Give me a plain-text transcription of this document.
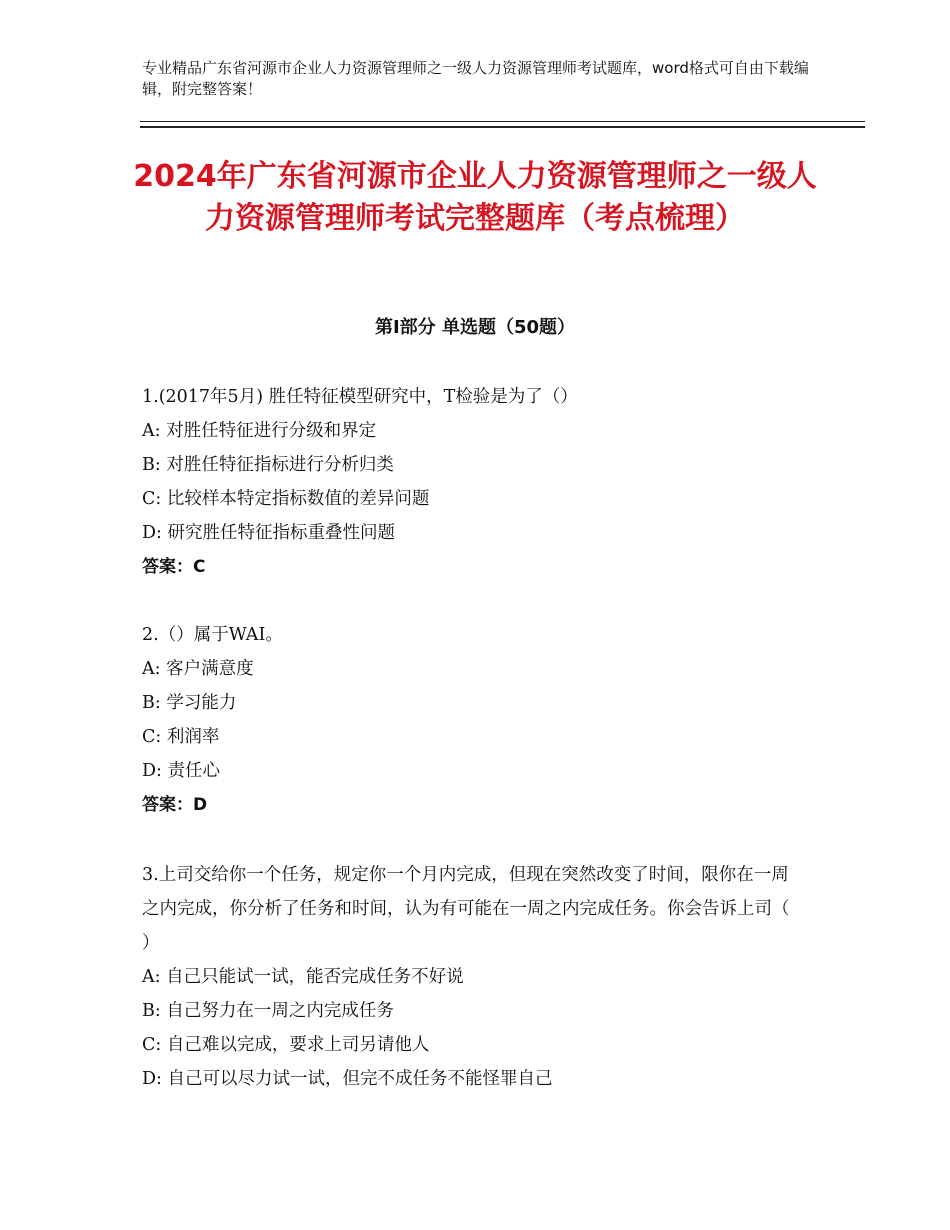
专业精品广东省河源市企业人力资源管理师之一级人力资源管理师考试题库，word格式可自由下载编辑，附完整答案！
2024年广东省河源市企业人力资源管理师之一级人力资源管理师考试完整题库（考点梳理）
第Ⅰ部分 单选题（50题）
1.(2017年5月) 胜任特征模型研究中，T检验是为了（）
A: 对胜任特征进行分级和界定
B: 对胜任特征指标进行分析归类
C: 比较样本特定指标数值的差异问题
D: 研究胜任特征指标重叠性问题
答案：C
2.（）属于WAI。
A: 客户满意度
B: 学习能力
C: 利润率
D: 责任心
答案：D
3.上司交给你一个任务，规定你一个月内完成，但现在突然改变了时间，限你在一周之内完成，你分析了任务和时间，认为有可能在一周之内完成任务。你会告诉上司（ ）
A: 自己只能试一试，能否完成任务不好说
B: 自己努力在一周之内完成任务
C: 自己难以完成，要求上司另请他人
D: 自己可以尽力试一试，但完不成任务不能怪罪自己
